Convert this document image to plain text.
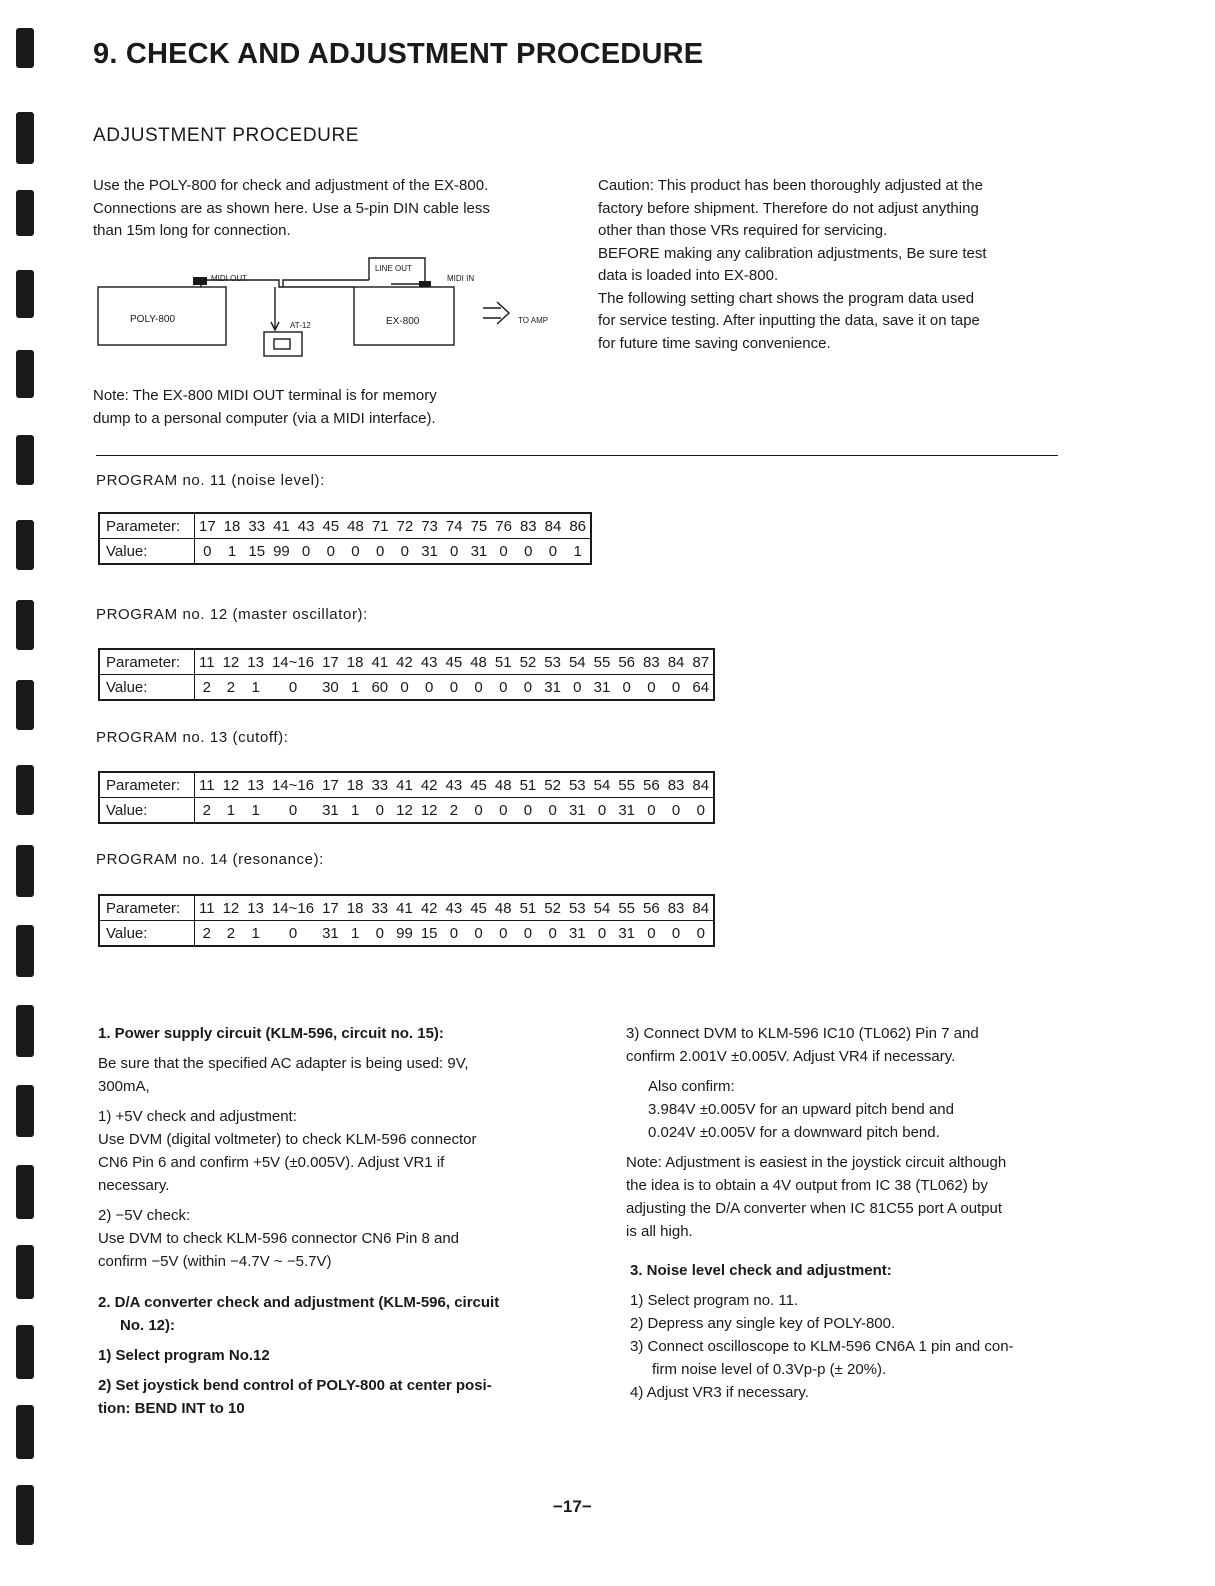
9. CHECK AND ADJUSTMENT PROCEDURE
ADJUSTMENT PROCEDURE
Use the POLY-800 for check and adjustment of the EX-800.
Connections are as shown here. Use a 5-pin DIN cable less
than 15m long for connection.
Caution: This product has been thoroughly adjusted at the
factory before shipment. Therefore do not adjust anything
other than those VRs required for servicing.
BEFORE making any calibration adjustments, Be sure test
data is loaded into EX-800.
The following setting chart shows the program data used
for service testing. After inputting the data, save it on tape
for future time saving convenience.
POLY-800	EX-800
MIDI OUT
LINE OUT
MIDI IN
AT-12
TO AMP
Note: The EX-800 MIDI OUT terminal is for memory
dump to a personal computer (via a MIDI interface).
PROGRAM no. 11 (noise level):
Parameter:	17	18	33	41	43	45	48	71	72	73	74	75	76	83	84	86
Value:	0	1	15	99	0	0	0	0	0	31	0	31	0	0	0	1
PROGRAM no. 12 (master oscillator):
Parameter:	11	12	13	14~16	17	18	41	42	43	45	48	51	52	53	54	55	56	83	84	87
Value:	2	2	1	0	30	1	60	0	0	0	0	0	0	31	0	31	0	0	0	64
PROGRAM no. 13 (cutoff):
Parameter:	11	12	13	14~16	17	18	33	41	42	43	45	48	51	52	53	54	55	56	83	84
Value:	2	1	1	0	31	1	0	12	12	2	0	0	0	0	31	0	31	0	0	0
PROGRAM no. 14 (resonance):
Parameter:	11	12	13	14~16	17	18	33	41	42	43	45	48	51	52	53	54	55	56	83	84
Value:	2	2	1	0	31	1	0	99	15	0	0	0	0	0	31	0	31	0	0	0

1. Power supply circuit (KLM-596, circuit no. 15):

Be sure that the specified AC adapter is being used: 9V,
300mA,

1) +5V check and adjustment:
Use DVM (digital voltmeter) to check KLM-596 connector
CN6 Pin 6 and confirm +5V (±0.005V). Adjust VR1 if
necessary.

2) −5V check:
Use DVM to check KLM-596 connector CN6 Pin 8 and
confirm −5V (within −4.7V ~ −5.7V)

2. D/A converter check and adjustment (KLM-596, circuit
No. 12):

1) Select program No.12

2) Set joystick bend control of POLY-800 at center posi-
tion: BEND INT to 10

3) Connect DVM to KLM-596 IC10 (TL062) Pin 7 and
confirm 2.001V ±0.005V. Adjust VR4 if necessary.

Also confirm:
3.984V ±0.005V for an upward pitch bend and
0.024V ±0.005V for a downward pitch bend.

Note: Adjustment is easiest in the joystick circuit although
the idea is to obtain a 4V output from IC 38 (TL062) by
adjusting the D/A converter when IC 81C55 port A output
is all high.

3. Noise level check and adjustment:

1) Select program no. 11.
2) Depress any single key of POLY-800.
3) Connect oscilloscope to KLM-596 CN6A 1 pin and con-
firm noise level of 0.3Vp-p (± 20%).
4) Adjust VR3 if necessary.

−17−
